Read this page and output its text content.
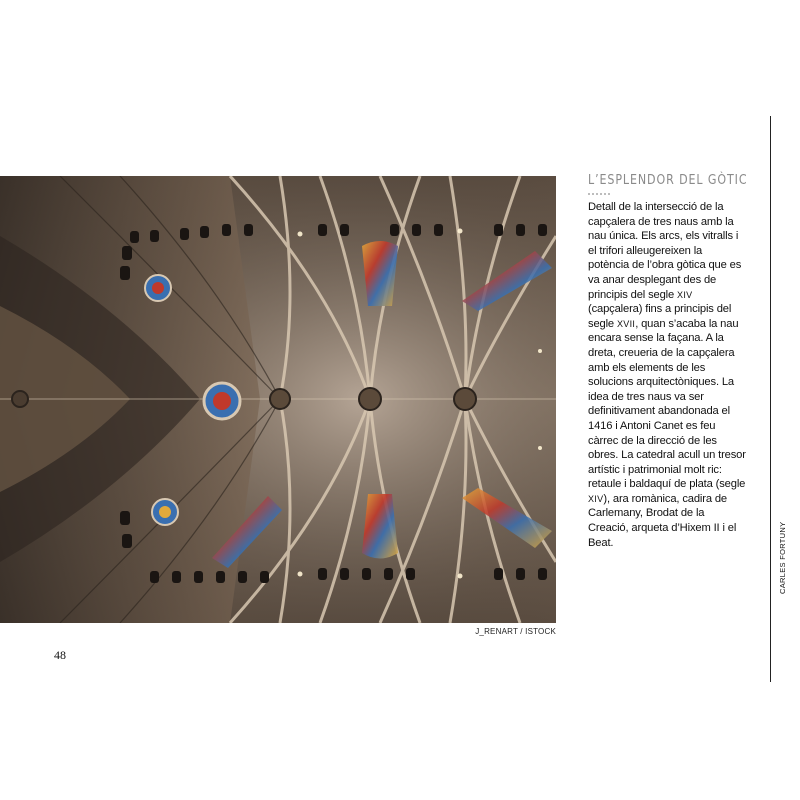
J_RENART / ISTOCK
48
L’ESPLENDOR DEL GÒTIC

Detall de la intersecció de la capçalera de tres naus amb la nau única. Els arcs, els vitralls i el trifori alleugereixen la potència de l’obra gòtica que es va anar desplegant des de principis del segle XIV (capçalera) fins a principis del segle XVII, quan s’acaba la nau encara sense la façana. A la dreta, creueria de la capçalera amb els elements de les solucions arquitectòniques. La idea de tres naus va ser definitivament abandonada el 1416 i Antoni Canet es feu càrrec de la direcció de les obres. La catedral acull un tresor artístic i patrimonial molt ric: retaule i baldaquí de plata (segle XIV), ara romànica, cadira de Carlemany, Brodat de la Creació, arqueta d’Hixem II i el Beat.	CARLES FORTUNY
